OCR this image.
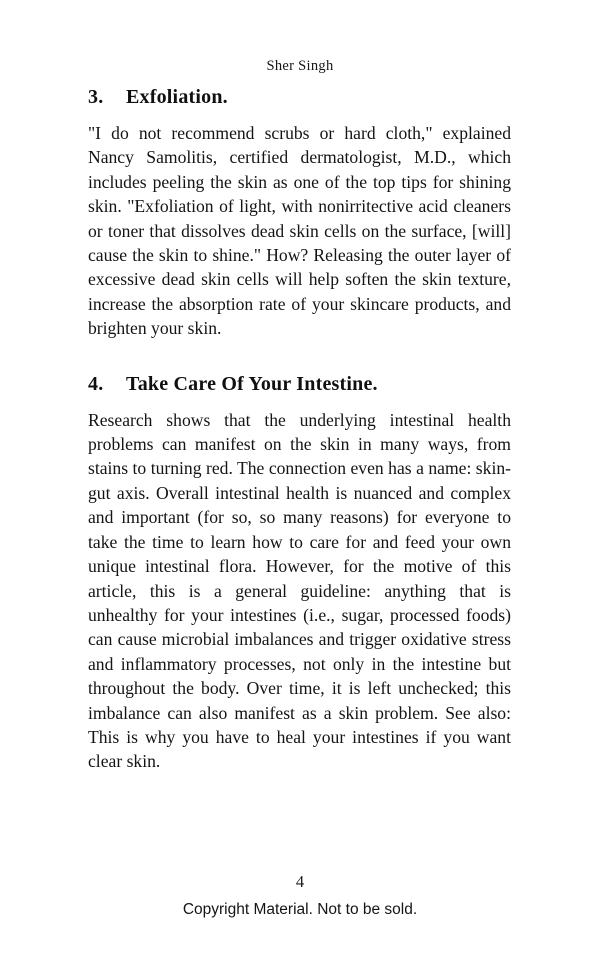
Sher Singh
3.	Exfoliation.

"I do not recommend scrubs or hard cloth," explained Nancy Samolitis, certified dermatologist, M.D., which includes peeling the skin as one of the top tips for shining skin. "Exfoliation of light, with nonirritective acid cleaners or toner that dissolves dead skin cells on the surface, [will] cause the skin to shine." How? Releasing the outer layer of excessive dead skin cells will help soften the skin texture, increase the absorption rate of your skincare products, and brighten your skin.

4.	Take Care Of Your Intestine.

Research shows that the underlying intestinal health problems can manifest on the skin in many ways, from stains to turning red. The connection even has a name: skin-gut axis. Overall intestinal health is nuanced and complex and important (for so, so many reasons) for everyone to take the time to learn how to care for and feed your own unique intestinal flora. However, for the motive of this article, this is a general guideline: anything that is unhealthy for your intestines (i.e., sugar, processed foods) can cause microbial imbalances and trigger oxidative stress and inflammatory processes, not only in the intestine but throughout the body. Over time, it is left unchecked; this imbalance can also manifest as a skin problem. See also: This is why you have to heal your intestines if you want clear skin.

4
Copyright Material. Not to be sold.
